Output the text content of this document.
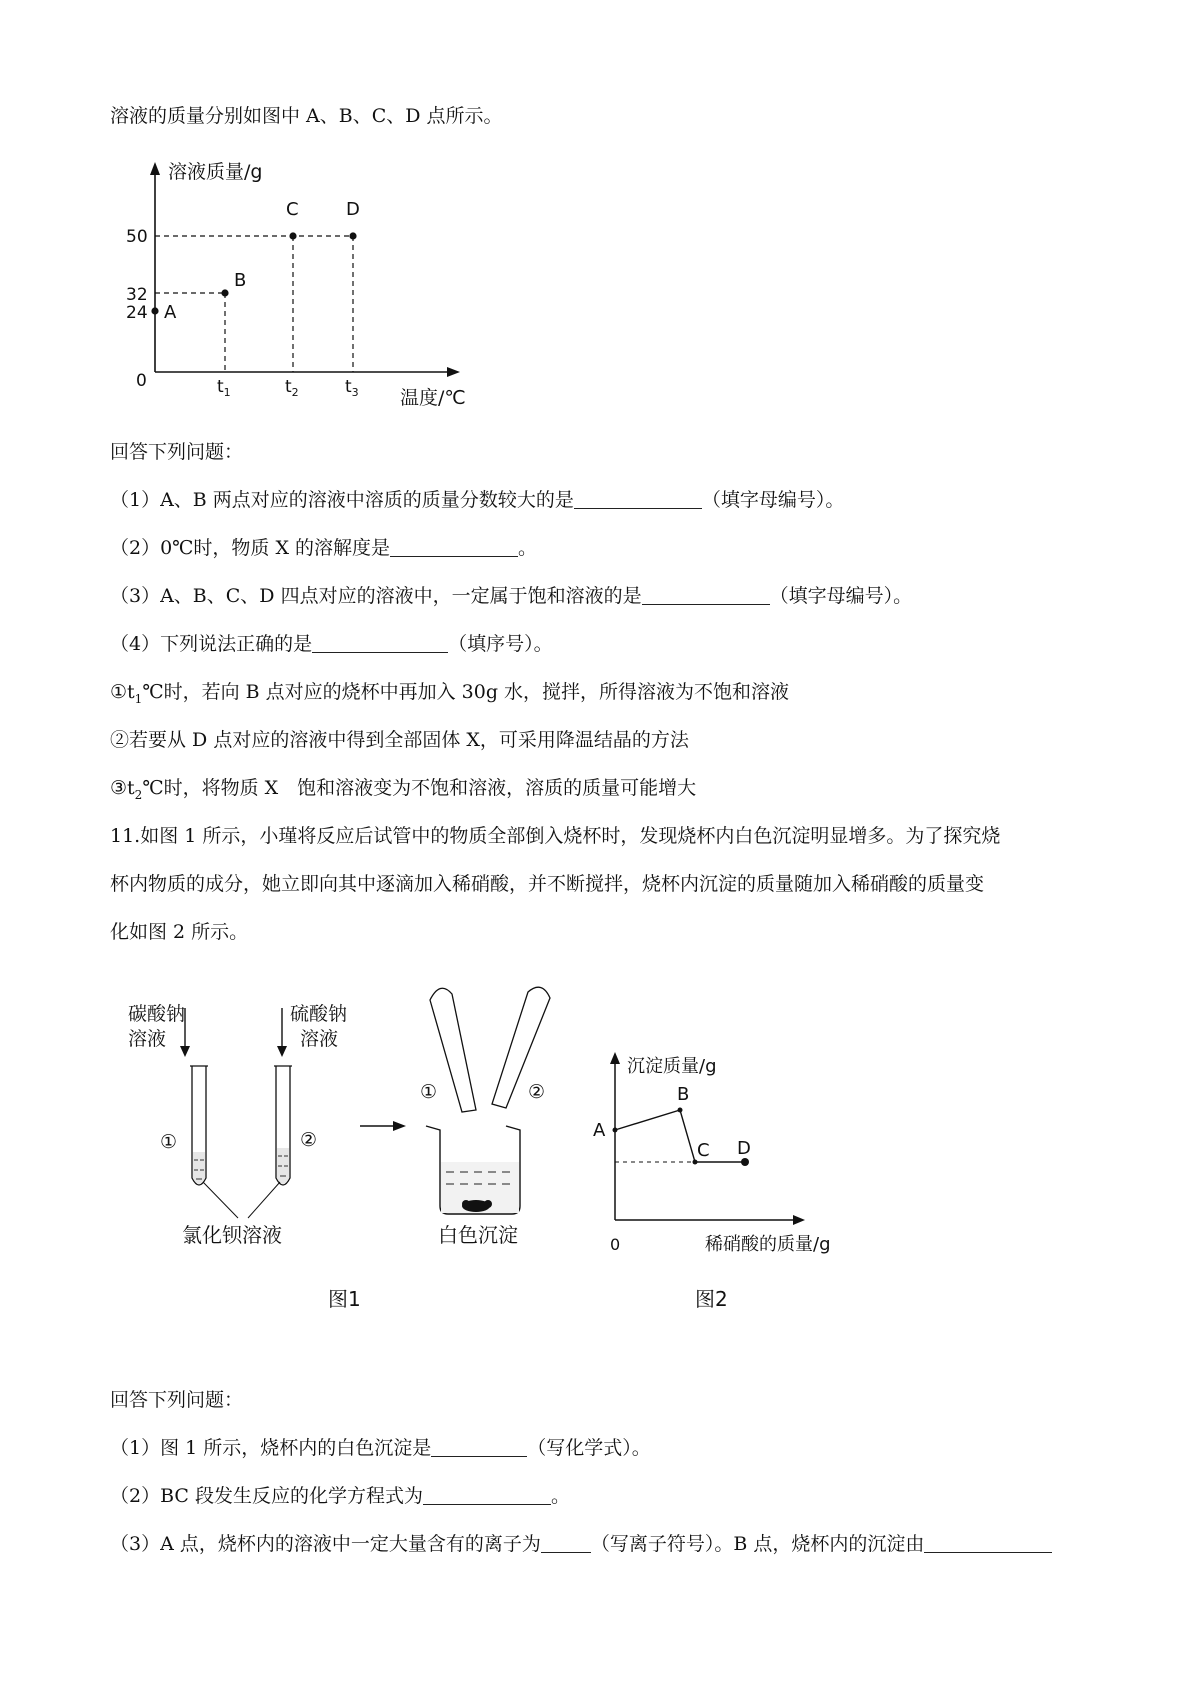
溶液的质量分别如图中 A、B、C、D 点所示。
溶液质量/g
温度/℃
0
24
32
50
$t_1$	$t_2$	$t_3$
A
B
C	D
回答下列问题：
（1）A、B 两点对应的溶液中溶质的质量分数较大的是	（填字母编号）。
（2）0℃时，物质 X 的溶解度是	。
（3）A、B、C、D 四点对应的溶液中，一定属于饱和溶液的是	（填字母编号）。
（4）下列说法正确的是	（填序号）。
$①t_1℃$时，若向 B 点对应的烧杯中再加入 30g 水，搅拌，所得溶液为不饱和溶液
②若要从 D 点对应的溶液中得到全部固体 X，可采用降温结晶的方法
$③t_2℃$时，将物质 X　饱和溶液变为不饱和溶液，溶质的质量可能增大
11.如图 1 所示，小瑾将反应后试管中的物质全部倒入烧杯时，发现烧杯内白色沉淀明显增多。为了探究烧
杯内物质的成分，她立即向其中逐滴加入稀硝酸，并不断搅拌，烧杯内沉淀的质量随加入稀硝酸的质量变
化如图 2 所示。
碳酸钠
溶液
硫酸钠
溶液
①	②
氯化钡溶液
①	②
白色沉淀
图1
沉淀质量/g
稀硝酸的质量/g
0
A
B
C D
图2
回答下列问题：
（1）图 1 所示，烧杯内的白色沉淀是	（写化学式）。
（2）BC 段发生反应的化学方程式为	。
（3）A 点，烧杯内的溶液中一定大量含有的离子为	（写离子符号）。B 点，烧杯内的沉淀由
